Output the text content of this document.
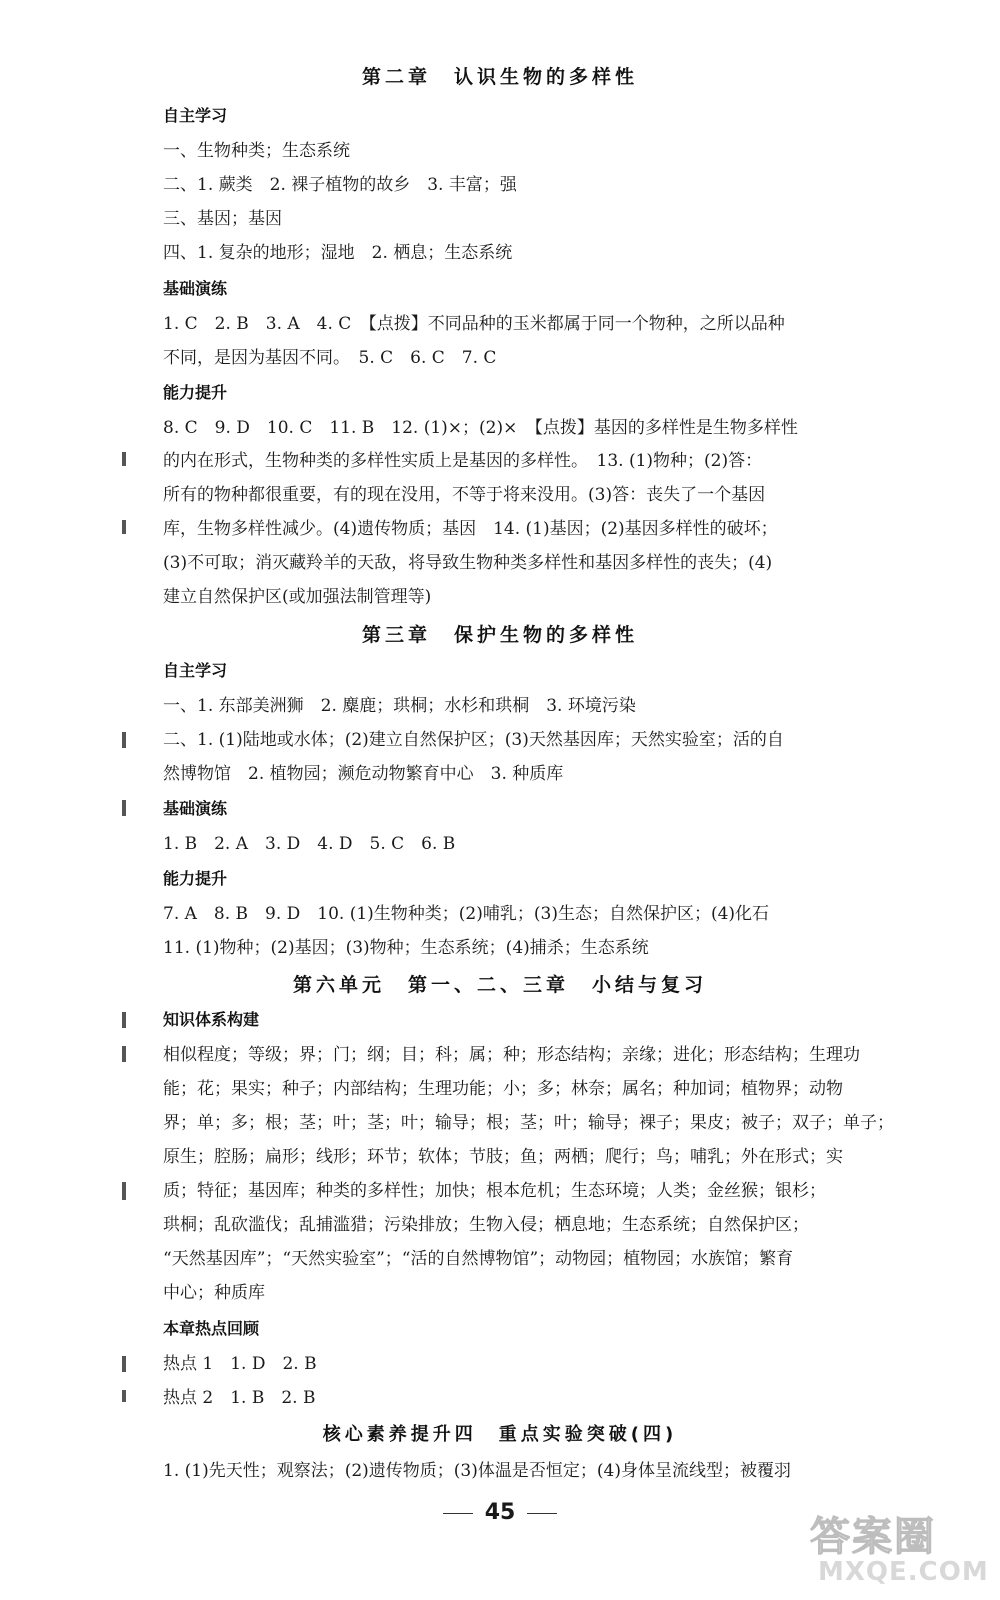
第二章　认识生物的多样性
自主学习
一、生物种类；生态系统
二、1. 蕨类　2. 裸子植物的故乡　3. 丰富；强
三、基因；基因
四、1. 复杂的地形；湿地　2. 栖息；生态系统
基础演练
1. C　2. B　3. A　4. C　【点拨】不同品种的玉米都属于同一个物种，之所以品种
不同，是因为基因不同。　5. C　6. C　7. C
能力提升
8. C　9. D　10. C　11. B　12. (1)×；(2)×　【点拨】基因的多样性是生物多样性
的内在形式，生物种类的多样性实质上是基因的多样性。　13. (1)物种；(2)答：
所有的物种都很重要，有的现在没用，不等于将来没用。(3)答：丧失了一个基因
库，生物多样性减少。(4)遗传物质；基因　14. (1)基因；(2)基因多样性的破坏；
(3)不可取；消灭藏羚羊的天敌，将导致生物种类多样性和基因多样性的丧失；(4)
建立自然保护区(或加强法制管理等)
第三章　保护生物的多样性
自主学习
一、1. 东部美洲狮　2. 麋鹿；珙桐；水杉和珙桐　3. 环境污染
二、1. (1)陆地或水体；(2)建立自然保护区；(3)天然基因库；天然实验室；活的自
然博物馆　2. 植物园；濒危动物繁育中心　3. 种质库
基础演练
1. B　2. A　3. D　4. D　5. C　6. B
能力提升
7. A　8. B　9. D　10. (1)生物种类；(2)哺乳；(3)生态；自然保护区；(4)化石
11. (1)物种；(2)基因；(3)物种；生态系统；(4)捕杀；生态系统
第六单元　第一、二、三章　小结与复习
知识体系构建
相似程度；等级；界；门；纲；目；科；属；种；形态结构；亲缘；进化；形态结构；生理功
能；花；果实；种子；内部结构；生理功能；小；多；林奈；属名；种加词；植物界；动物
界；单；多；根；茎；叶；茎；叶；输导；根；茎；叶；输导；裸子；果皮；被子；双子；单子；
原生；腔肠；扁形；线形；环节；软体；节肢；鱼；两栖；爬行；鸟；哺乳；外在形式；实
质；特征；基因库；种类的多样性；加快；根本危机；生态环境；人类；金丝猴；银杉；
珙桐；乱砍滥伐；乱捕滥猎；污染排放；生物入侵；栖息地；生态系统；自然保护区；
“天然基因库”；“天然实验室”；“活的自然博物馆”；动物园；植物园；水族馆；繁育
中心；种质库
本章热点回顾
热点 1　1. D　2. B
热点 2　1. B　2. B
核心素养提升四　重点实验突破(四)
1. (1)先天性；观察法；(2)遗传物质；(3)体温是否恒定；(4)身体呈流线型；被覆羽
45
答案圈
MXQE.COM
